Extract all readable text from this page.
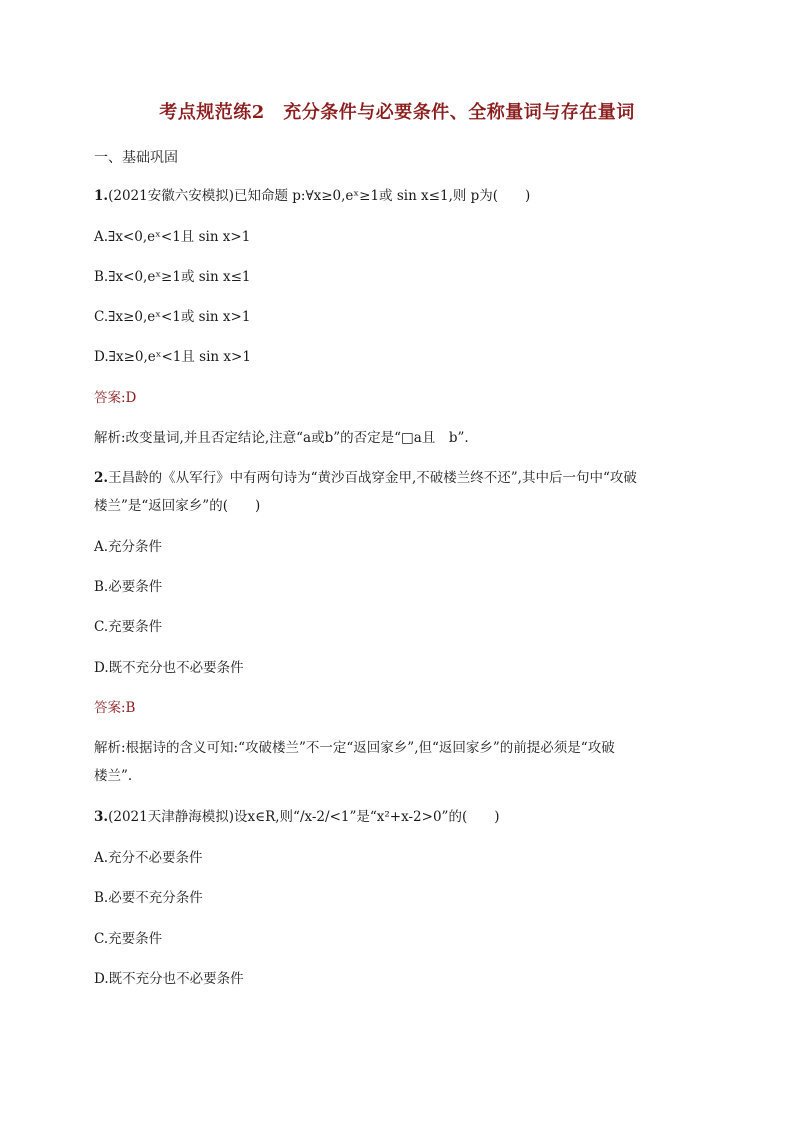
考点规范练2　充分条件与必要条件、全称量词与存在量词
一、基础巩固
1.(2021安徽六安模拟)已知命题 p:∀x≥0,eˣ≥1或 sin x≤1,则 p为(　　)
A.∃x<0,eˣ<1且 sin x>1
B.∃x<0,eˣ≥1或 sin x≤1
C.∃x≥0,eˣ<1或 sin x>1
D.∃x≥0,eˣ<1且 sin x>1
答案:D
解析:改变量词,并且否定结论,注意“a或b”的否定是“□a且　b”.
2.王昌龄的《从军行》中有两句诗为“黄沙百战穿金甲,不破楼兰终不还”,其中后一句中“攻破
楼兰”是“返回家乡”的(　　)
A.充分条件
B.必要条件
C.充要条件
D.既不充分也不必要条件
答案:B
解析:根据诗的含义可知:“攻破楼兰”不一定“返回家乡”,但“返回家乡”的前提必须是“攻破
楼兰”.
3.(2021天津静海模拟)设x∈R,则“/x-2/<1”是“x²+x-2>0”的(　　)
A.充分不必要条件
B.必要不充分条件
C.充要条件
D.既不充分也不必要条件
